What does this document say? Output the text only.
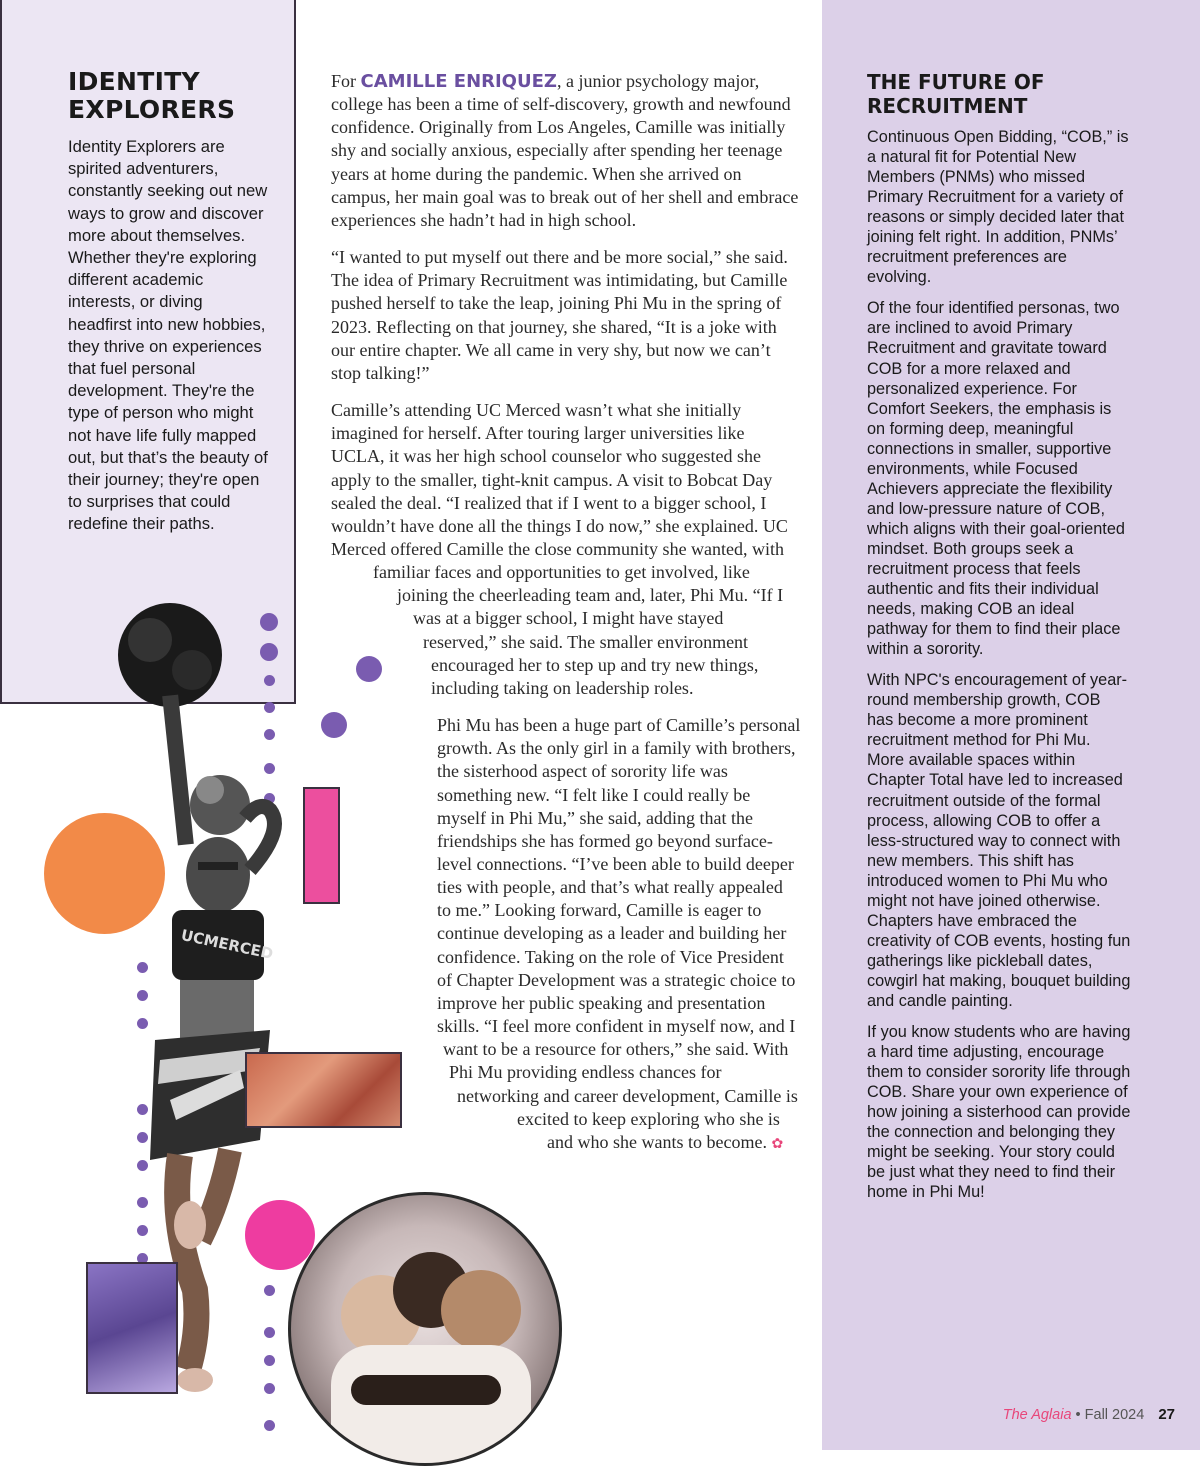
IDENTITY EXPLORERS

Identity Explorers are spirited adventurers, constantly seeking out new ways to grow and discover more about themselves. Whether they're exploring different academic interests, or diving headfirst into new hobbies, they thrive on experiences that fuel personal development. They're the type of person who might not have life fully mapped out, but that’s the beauty of their journey; they're open to surprises that could redefine their paths.

THE FUTURE OF RECRUITMENT

Continuous Open Bidding, “COB,” is a natural fit for Potential New Members (PNMs) who missed Primary Recruitment for a variety of reasons or simply decided later that joining felt right. In addition, PNMs’ recruitment preferences are evolving.

Of the four identified personas, two are inclined to avoid Primary Recruitment and gravitate toward COB for a more relaxed and personalized experience. For Comfort Seekers, the emphasis is on forming deep, meaningful connections in smaller, supportive environments, while Focused Achievers appreciate the flexibility and low-pressure nature of COB, which aligns with their goal-oriented mindset. Both groups seek a recruitment process that feels authentic and fits their individual needs, making COB an ideal pathway for them to find their place within a sorority.

With NPC's encouragement of year-round membership growth, COB has become a more prominent recruitment method for Phi Mu. More available spaces within Chapter Total have led to increased recruitment outside of the formal process, allowing COB to offer a less-structured way to connect with new members. This shift has introduced women to Phi Mu who might not have joined otherwise. Chapters have embraced the creativity of COB events, hosting fun gatherings like pickleball dates, cowgirl hat making, bouquet building and candle painting.

If you know students who are having a hard time adjusting, encourage them to consider sorority life through COB. Share your own experience of how joining a sisterhood can provide the connection and belonging they might be seeking. Your story could be just what they need to find their home in Phi Mu!

UCMERCED

For CAMILLE ENRIQUEZ, a junior psychology major, college has been a time of self-discovery, growth and newfound confidence. Originally from Los Angeles, Camille was initially shy and socially anxious, especially after spending her teenage years at home during the pandemic. When she arrived on campus, her main goal was to break out of her shell and embrace experiences she hadn’t had in high school.

“I wanted to put myself out there and be more social,” she said. The idea of Primary Recruitment was intimidating, but Camille pushed herself to take the leap, joining Phi Mu in the spring of 2023. Reflecting on that journey, she shared, “It is a joke with our entire chapter. We all came in very shy, but now we can’t stop talking!”

Camille’s attending UC Merced wasn’t what she initially imagined for herself. After touring larger universities like UCLA, it was her high school counselor who suggested she apply to the smaller, tight-knit campus. A visit to Bobcat Day sealed the deal. “I realized that if I went to a bigger school, I wouldn’t have done all the things I do now,” she explained. UC Merced offered Camille the close community she wanted, with familiar faces and opportunities to get involved, like joining the cheerleading team and, later, Phi Mu. “If I was at a bigger school, I might have stayed reserved,” she said. The smaller environment encouraged her to step up and try new things, including taking on leadership roles.

Phi Mu has been a huge part of Camille’s personal growth. As the only girl in a family with brothers, the sisterhood aspect of sorority life was something new. “I felt like I could really be myself in Phi Mu,” she said, adding that the friendships she has formed go beyond surface-level connections. “I’ve been able to build deeper ties with people, and that’s what really appealed to me.” Looking forward, Camille is eager to continue developing as a leader and building her confidence. Taking on the role of Vice President of Chapter Development was a strategic choice to improve her public speaking and presentation skills. “I feel more confident in myself now, and I want to be a resource for others,” she said. With Phi Mu providing endless chances for networking and career development, Camille is excited to keep exploring who she is and who she wants to become. ✿

The Aglaia • Fall 2024 27
